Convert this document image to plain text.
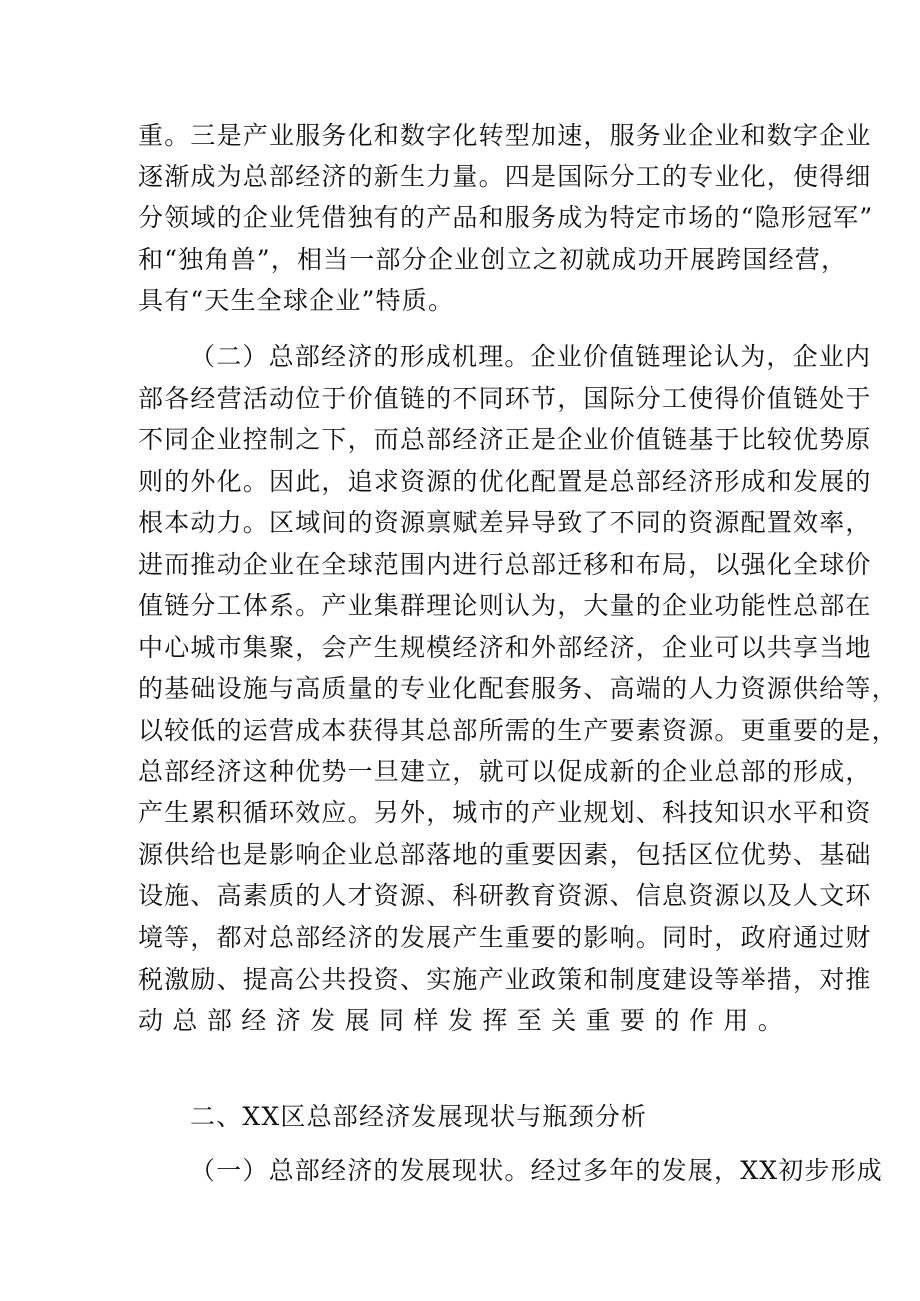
重。三是产业服务化和数字化转型加速，服务业企业和数字企业
逐渐成为总部经济的新生力量。四是国际分工的专业化，使得细
分领域的企业凭借独有的产品和服务成为特定市场的“隐形冠军”
和“独角兽”，相当一部分企业创立之初就成功开展跨国经营，
具有“天生全球企业”特质。
（二）总部经济的形成机理。企业价值链理论认为，企业内
部各经营活动位于价值链的不同环节，国际分工使得价值链处于
不同企业控制之下，而总部经济正是企业价值链基于比较优势原
则的外化。因此，追求资源的优化配置是总部经济形成和发展的
根本动力。区域间的资源禀赋差异导致了不同的资源配置效率，
进而推动企业在全球范围内进行总部迁移和布局，以强化全球价
值链分工体系。产业集群理论则认为，大量的企业功能性总部在
中心城市集聚，会产生规模经济和外部经济，企业可以共享当地
的基础设施与高质量的专业化配套服务、高端的人力资源供给等，
以较低的运营成本获得其总部所需的生产要素资源。更重要的是，
总部经济这种优势一旦建立，就可以促成新的企业总部的形成，
产生累积循环效应。另外，城市的产业规划、科技知识水平和资
源供给也是影响企业总部落地的重要因素，包括区位优势、基础
设施、高素质的人才资源、科研教育资源、信息资源以及人文环
境等，都对总部经济的发展产生重要的影响。同时，政府通过财
税激励、提高公共投资、实施产业政策和制度建设等举措，对推
动总部经济发展同样发挥至关重要的作用。
二、XX区总部经济发展现状与瓶颈分析
（一）总部经济的发展现状。经过多年的发展，XX初步形成
